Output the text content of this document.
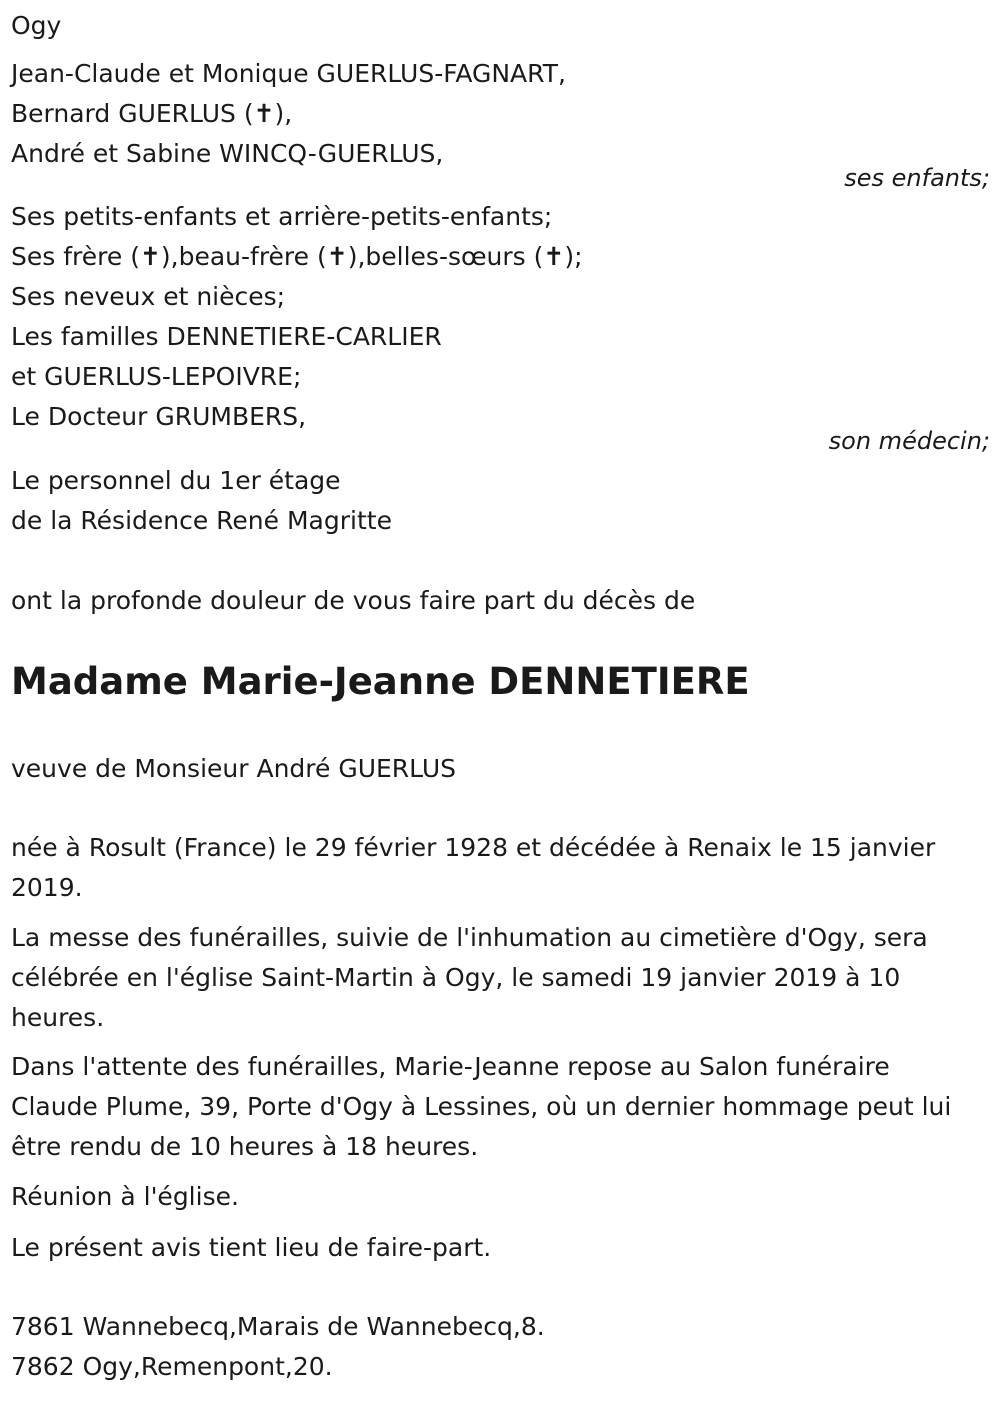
Ogy
Jean-Claude et Monique GUERLUS-FAGNART,
Bernard GUERLUS (✝),
André et Sabine WINCQ-GUERLUS,
ses enfants;
Ses petits-enfants et arrière-petits-enfants;
Ses frère (✝),beau-frère (✝),belles-sœurs (✝);
Ses neveux et nièces;
Les familles DENNETIERE-CARLIER
et GUERLUS-LEPOIVRE;
Le Docteur GRUMBERS,
son médecin;
Le personnel du 1er étage
de la Résidence René Magritte
ont la profonde douleur de vous faire part du décès de
Madame Marie-Jeanne DENNETIERE
veuve de Monsieur André GUERLUS
née à Rosult (France) le 29 février 1928 et décédée à Renaix le 15 janvier 2019.
La messe des funérailles, suivie de l'inhumation au cimetière d'Ogy, sera célébrée en l'église Saint-Martin à Ogy, le samedi 19 janvier 2019 à 10 heures.
Dans l'attente des funérailles, Marie-Jeanne repose au Salon funéraire Claude Plume, 39, Porte d'Ogy à Lessines, où un dernier hommage peut lui être rendu de 10 heures à 18 heures.
Réunion à l'église.
Le présent avis tient lieu de faire-part.
7861 Wannebecq,Marais de Wannebecq,8.
7862 Ogy,Remenpont,20.
